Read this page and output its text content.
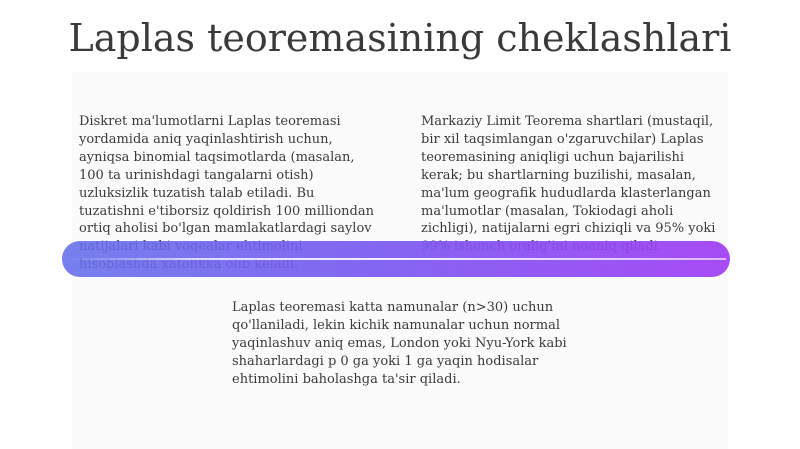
Laplas teoremasining cheklashlari

Diskret ma'lumotlarni Laplas teoremasi yordamida aniq yaqinlashtirish uchun, ayniqsa binomial taqsimotlarda (masalan, 100 ta urinishdagi tangalarni otish) uzluksizlik tuzatish talab etiladi. Bu tuzatishni e'tiborsiz qoldirish 100 milliondan ortiq aholisi bo'lgan mamlakatlardagi saylov

Markaziy Limit Teorema shartlari (mustaqil, bir xil taqsimlangan o'zgaruvchilar) Laplas teoremasining aniqligi uchun bajarilishi kerak; bu shartlarning buzilishi, masalan, ma'lum geografik hududlarda klasterlangan ma'lumotlar (masalan, Tokiodagi aholi zichligi), natijalarni egri chiziqli va 95% yoki

Laplas teoremasi katta namunalar (n>30) uchun qo'llaniladi, lekin kichik namunalar uchun normal yaqinlashuv aniq emas, London yoki Nyu-York kabi shaharlardagi p 0 ga yoki 1 ga yaqin hodisalar ehtimolini baholashga ta'sir qiladi.
